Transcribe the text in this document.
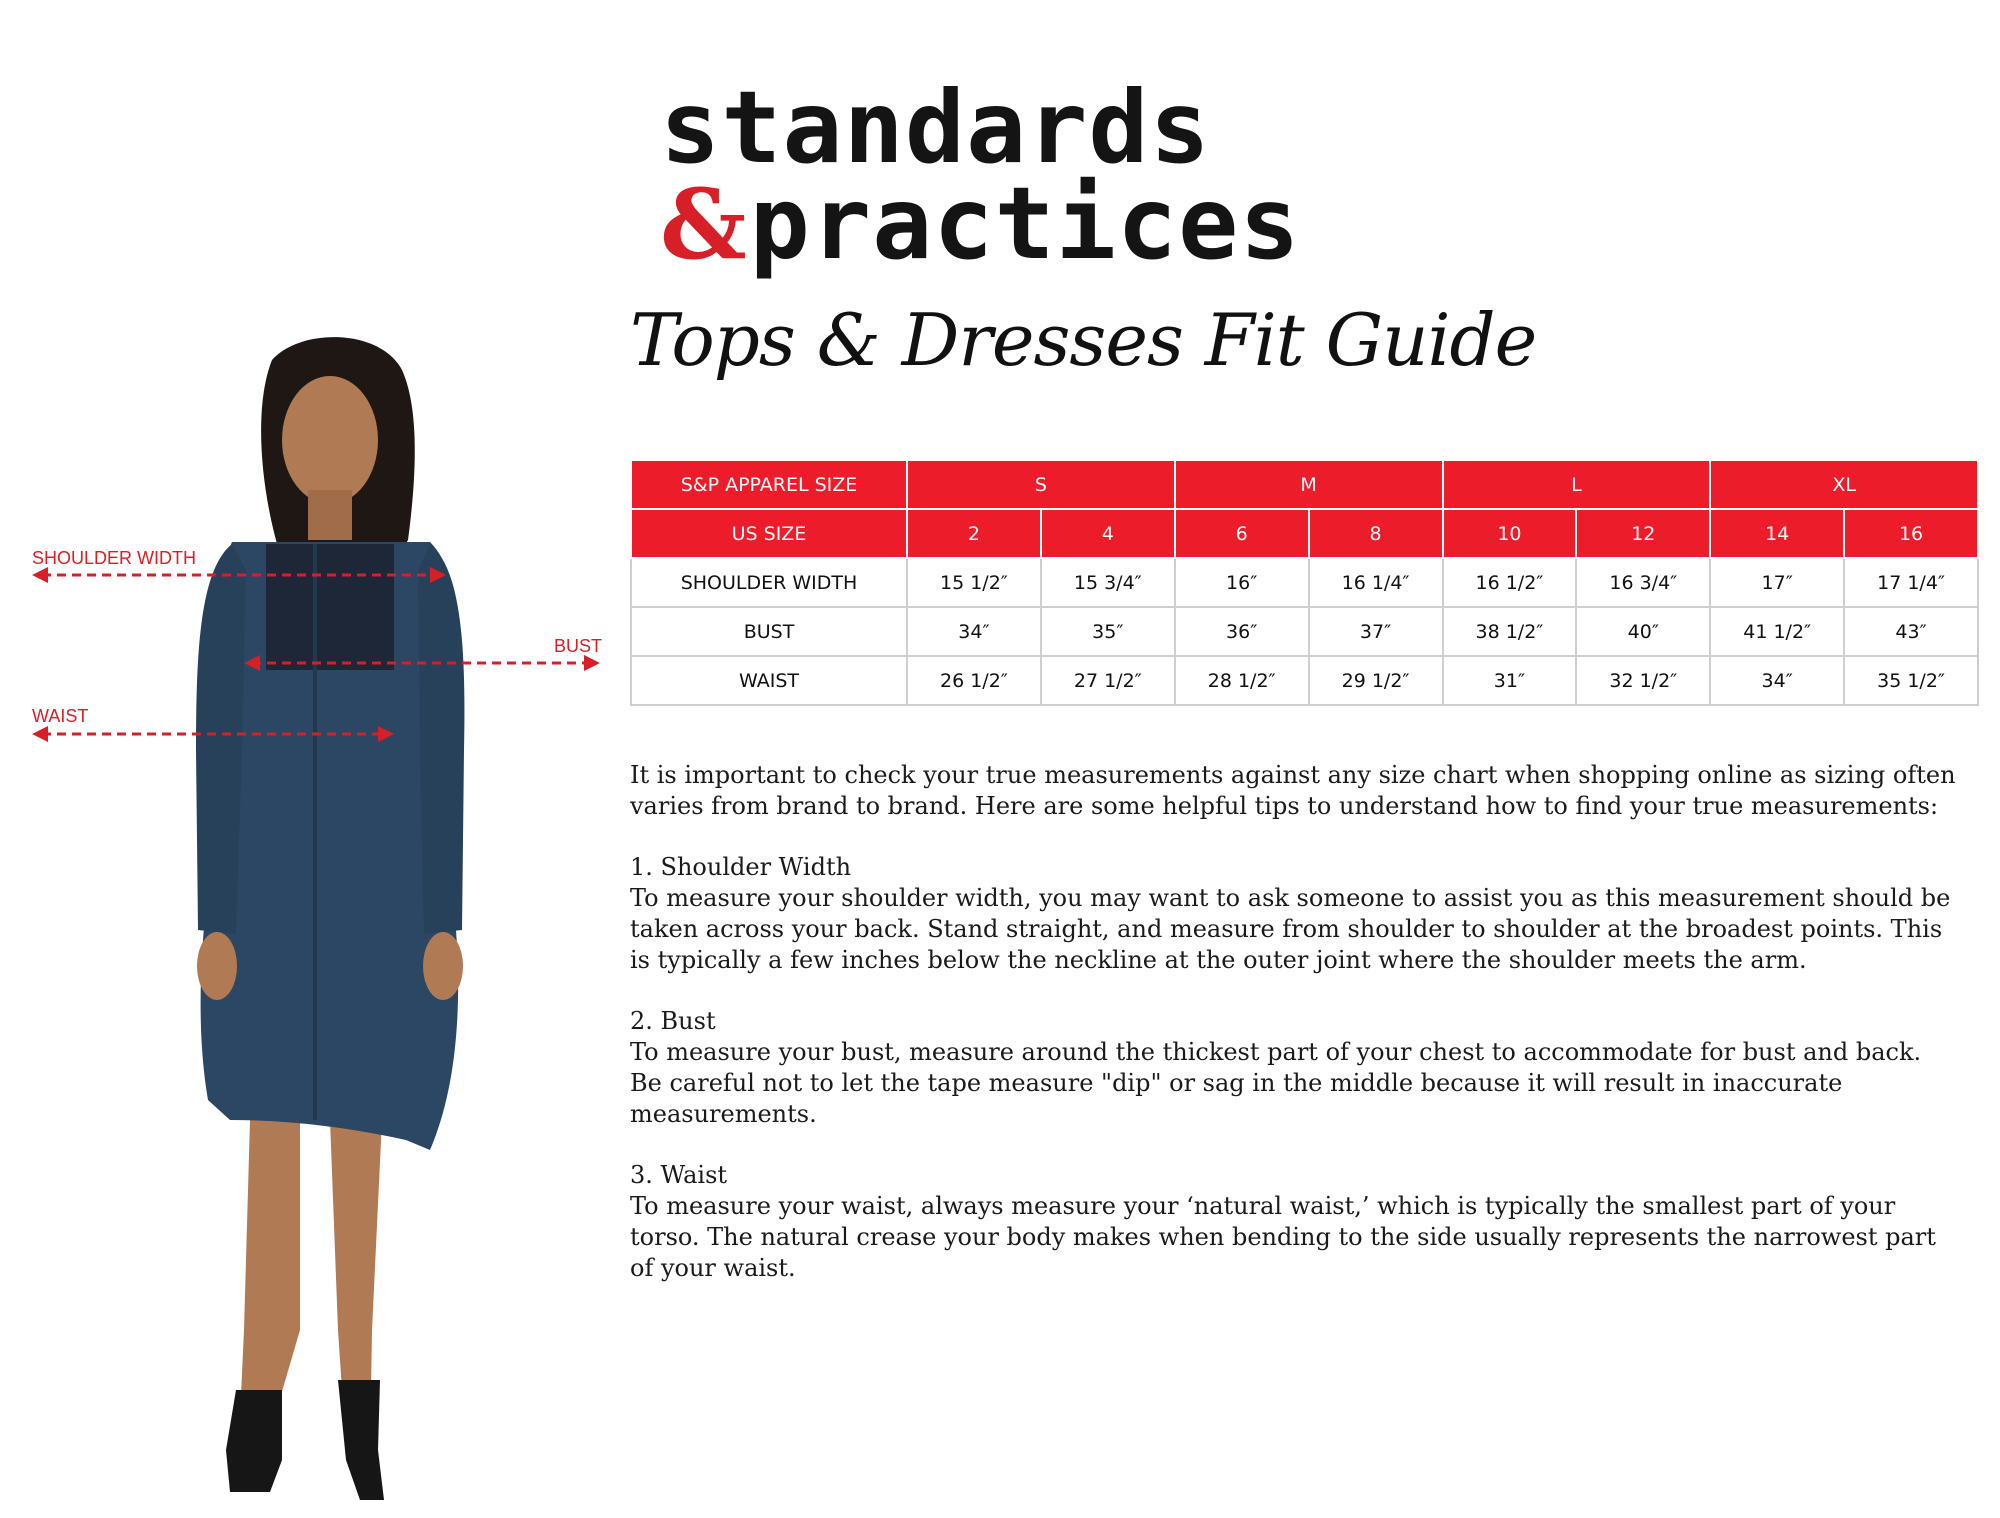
standards
&practices
Tops & Dresses Fit Guide
S&P APPAREL SIZE	S		M		L		XL	
US SIZE	2	4	6	8	10	12	14	16
SHOULDER WIDTH	15 1/2″	15 3/4″	16″	16 1/4″	16 1/2″	16 3/4″	17″	17 1/4″
BUST	34″	35″	36″	37″	38 1/2″	40″	41 1/2″	43″
WAIST	26 1/2″	27 1/2″	28 1/2″	29 1/2″	31″	32 1/2″	34″	35 1/2″

It is important to check your true measurements against any size chart when shopping online as sizing often varies from brand to brand. Here are some helpful tips to understand how to find your true measurements:

1. Shoulder Width
To measure your shoulder width, you may want to ask someone to assist you as this measurement should be taken across your back. Stand straight, and measure from shoulder to shoulder at the broadest points. This is typically a few inches below the neckline at the outer joint where the shoulder meets the arm.

2. Bust
To measure your bust, measure around the thickest part of your chest to accommodate for bust and back. Be careful not to let the tape measure "dip" or sag in the middle because it will result in inaccurate measurements.

3. Waist
To measure your waist, always measure your ‘natural waist,’ which is typically the smallest part of your torso. The natural crease your body makes when bending to the side usually represents the narrowest part of your waist.

SHOULDER WIDTH
BUST
WAIST
